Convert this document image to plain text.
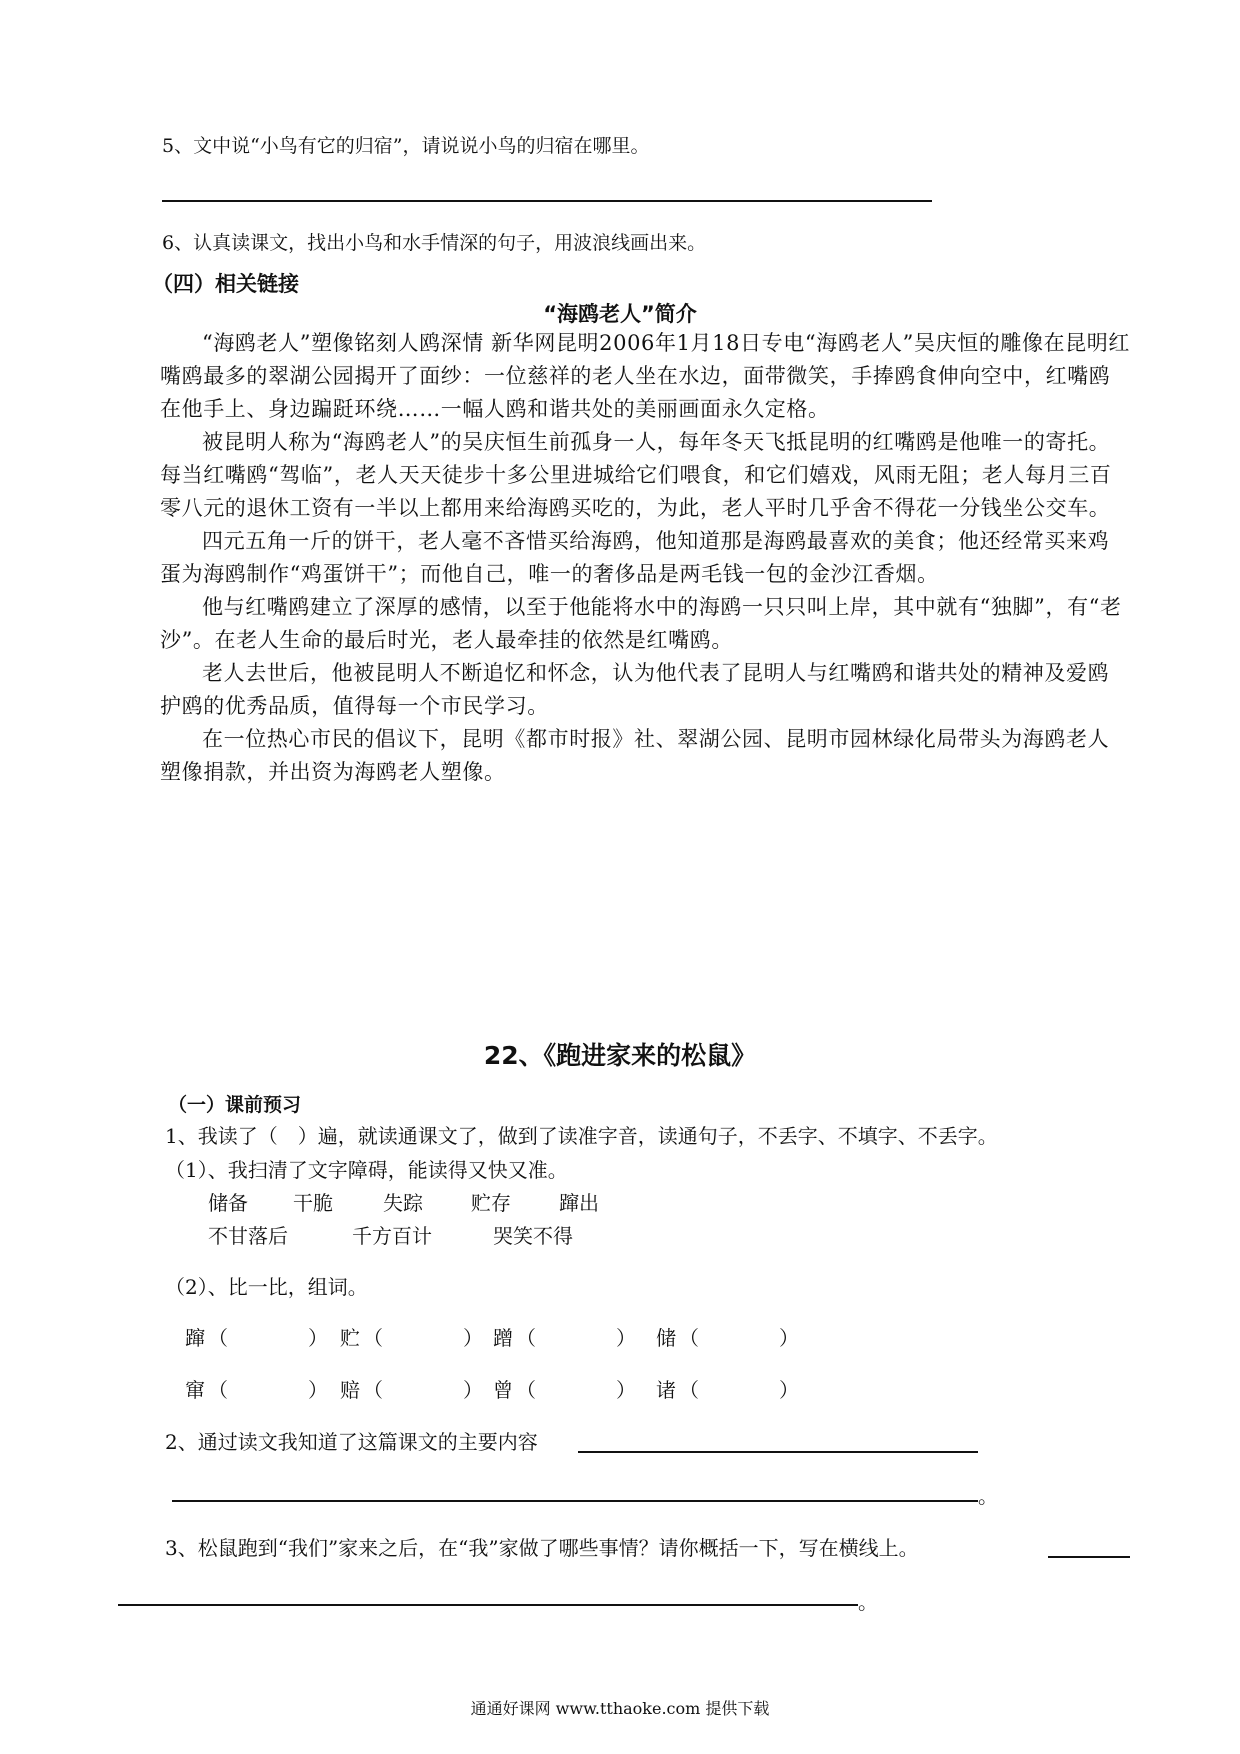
5、文中说“小鸟有它的归宿”，请说说小鸟的归宿在哪里。
6、认真读课文，找出小鸟和水手情深的句子，用波浪线画出来。
（四）相关链接
“海鸥老人”简介

“海鸥老人”塑像铭刻人鸥深情 新华网昆明2006年1月18日专电“海鸥老人”吴庆恒的雕像在昆明红嘴鸥最多的翠湖公园揭开了面纱：一位慈祥的老人坐在水边，面带微笑，手捧鸥食伸向空中，红嘴鸥在他手上、身边蹁跹环绕……一幅人鸥和谐共处的美丽画面永久定格。

被昆明人称为“海鸥老人”的吴庆恒生前孤身一人，每年冬天飞抵昆明的红嘴鸥是他唯一的寄托。每当红嘴鸥“驾临”，老人天天徒步十多公里进城给它们喂食，和它们嬉戏，风雨无阻；老人每月三百零八元的退休工资有一半以上都用来给海鸥买吃的，为此，老人平时几乎舍不得花一分钱坐公交车。

四元五角一斤的饼干，老人毫不吝惜买给海鸥，他知道那是海鸥最喜欢的美食；他还经常买来鸡蛋为海鸥制作“鸡蛋饼干”；而他自己，唯一的奢侈品是两毛钱一包的金沙江香烟。

他与红嘴鸥建立了深厚的感情，以至于他能将水中的海鸥一只只叫上岸，其中就有“独脚”，有“老沙”。在老人生命的最后时光，老人最牵挂的依然是红嘴鸥。

老人去世后，他被昆明人不断追忆和怀念，认为他代表了昆明人与红嘴鸥和谐共处的精神及爱鸥护鸥的优秀品质，值得每一个市民学习。

在一位热心市民的倡议下，昆明《都市时报》社、翠湖公园、昆明市园林绿化局带头为海鸥老人塑像捐款，并出资为海鸥老人塑像。

22、《跑进家来的松鼠》
（一）课前预习
1、我读了（　）遍，就读通课文了，做到了读准字音，读通句子，不丢字、不填字、不丢字。
（1）、我扫清了文字障碍，能读得又快又准。
储备 干脆	失踪 贮存 蹿出
不甘落后	千方百计	哭笑不得
（2）、比一比，组词。
蹿 （　　　　） 贮 （　　　　） 蹭 （　　　　） 储 （　　　　）
窜 （　　　　） 赔 （　　　　） 曾 （　　　　） 诸 （　　　　）
2、通过读文我知道了这篇课文的主要内容
。
3、松鼠跑到“我们”家来之后，在“我”家做了哪些事情？请你概括一下，写在横线上。
。
通通好课网 www.tthaoke.com 提供下载
